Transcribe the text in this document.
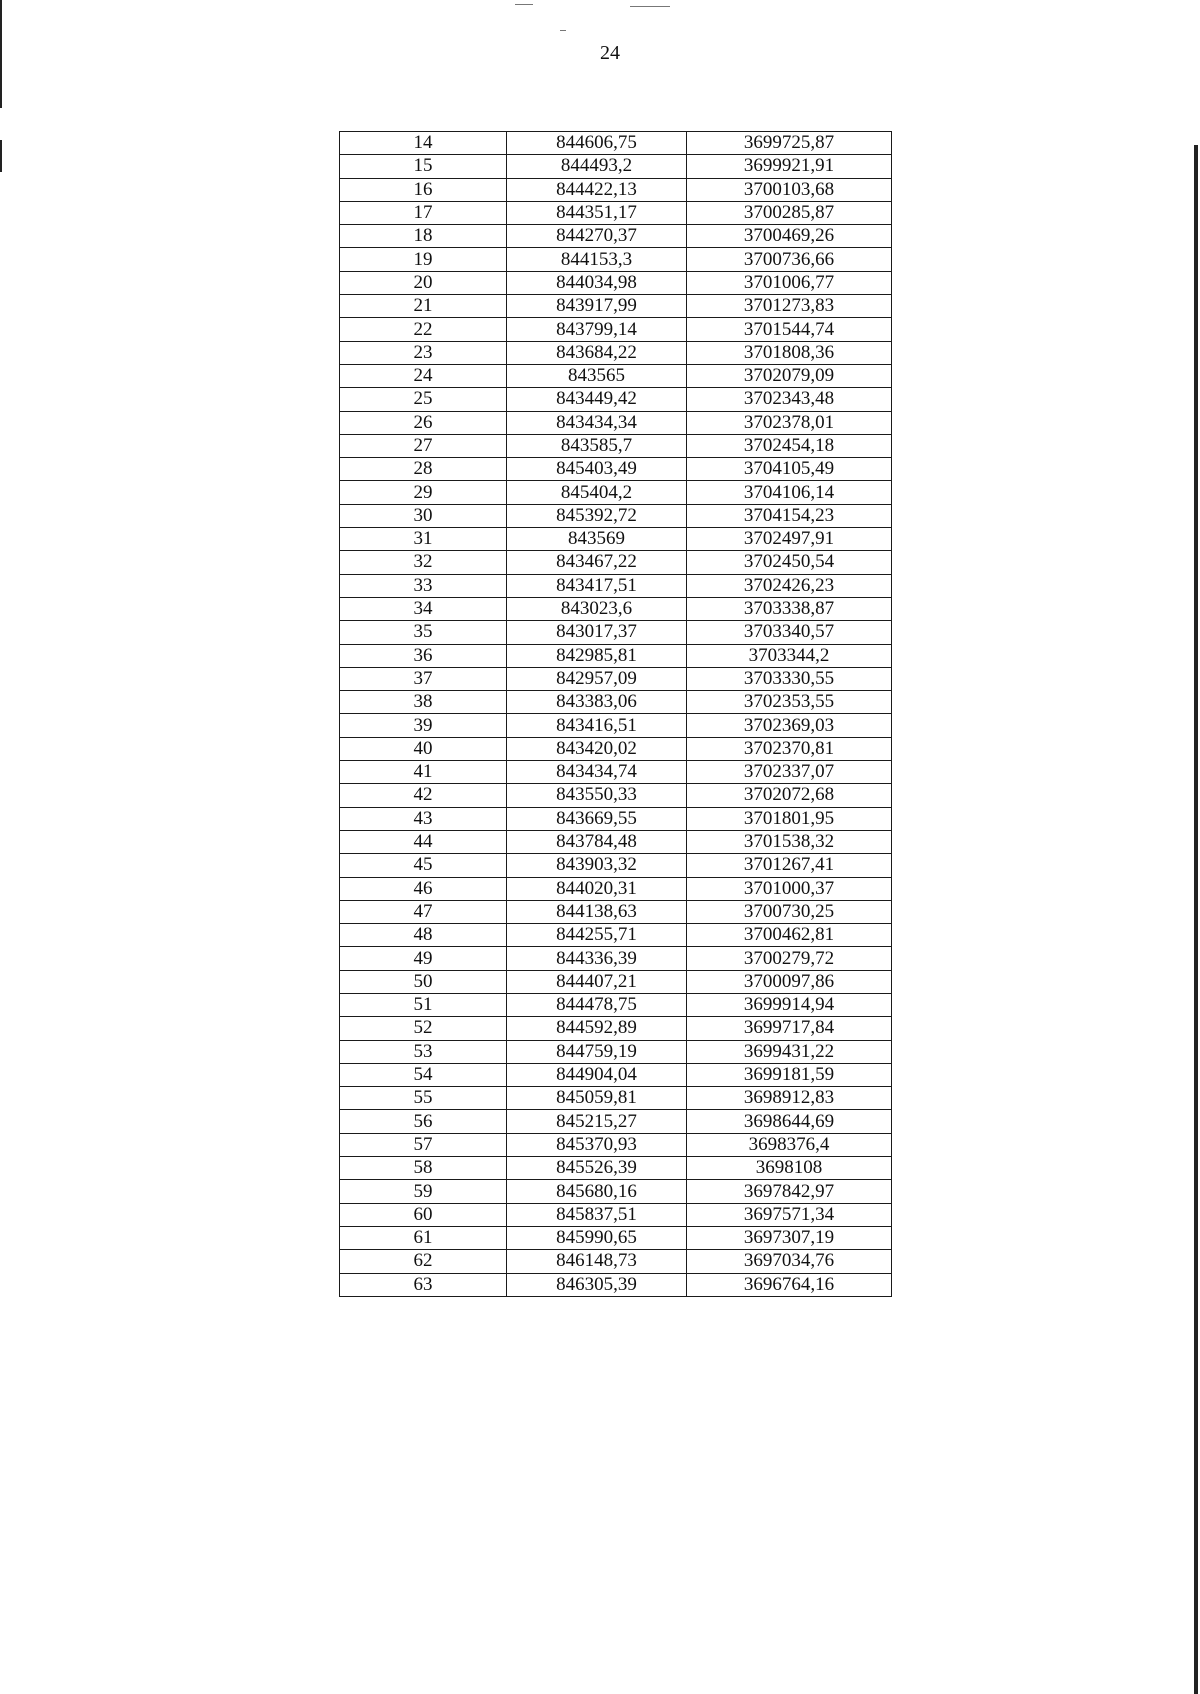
24
14	844606,75	3699725,87
15	844493,2	3699921,91
16	844422,13	3700103,68
17	844351,17	3700285,87
18	844270,37	3700469,26
19	844153,3	3700736,66
20	844034,98	3701006,77
21	843917,99	3701273,83
22	843799,14	3701544,74
23	843684,22	3701808,36
24	843565	3702079,09
25	843449,42	3702343,48
26	843434,34	3702378,01
27	843585,7	3702454,18
28	845403,49	3704105,49
29	845404,2	3704106,14
30	845392,72	3704154,23
31	843569	3702497,91
32	843467,22	3702450,54
33	843417,51	3702426,23
34	843023,6	3703338,87
35	843017,37	3703340,57
36	842985,81	3703344,2
37	842957,09	3703330,55
38	843383,06	3702353,55
39	843416,51	3702369,03
40	843420,02	3702370,81
41	843434,74	3702337,07
42	843550,33	3702072,68
43	843669,55	3701801,95
44	843784,48	3701538,32
45	843903,32	3701267,41
46	844020,31	3701000,37
47	844138,63	3700730,25
48	844255,71	3700462,81
49	844336,39	3700279,72
50	844407,21	3700097,86
51	844478,75	3699914,94
52	844592,89	3699717,84
53	844759,19	3699431,22
54	844904,04	3699181,59
55	845059,81	3698912,83
56	845215,27	3698644,69
57	845370,93	3698376,4
58	845526,39	3698108
59	845680,16	3697842,97
60	845837,51	3697571,34
61	845990,65	3697307,19
62	846148,73	3697034,76
63	846305,39	3696764,16
